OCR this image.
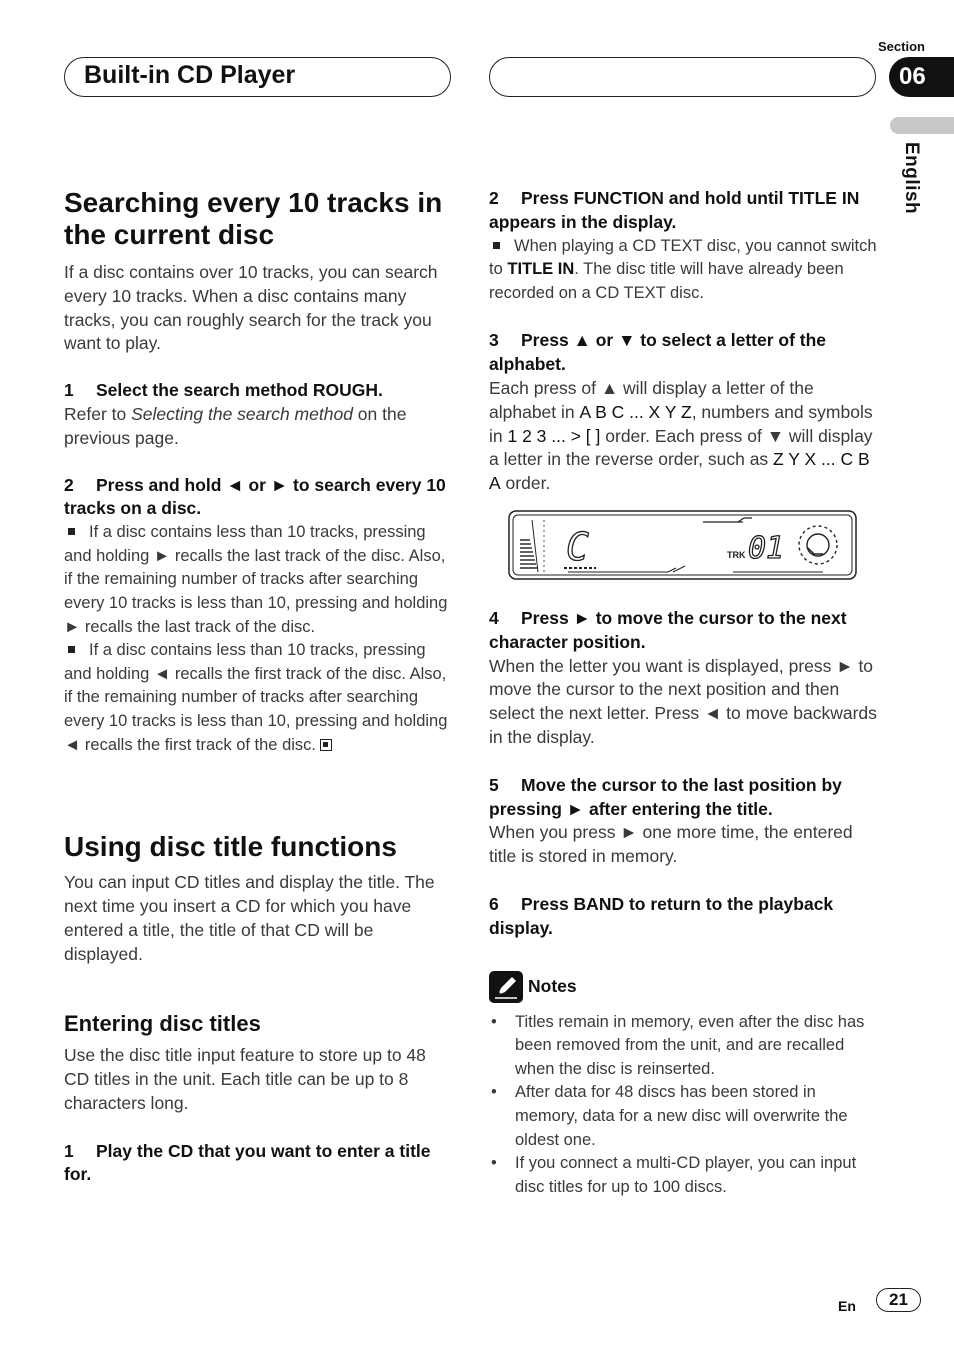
Built-in CD Player
Section
06
English
Searching every 10 tracks in the current disc

If a disc contains over 10 tracks, you can search every 10 tracks. When a disc contains many tracks, you can roughly search for the track you want to play.

1 Select the search method ROUGH.

Refer to Selecting the search method on the previous page.

2 Press and hold ◄ or ► to search every 10 tracks on a disc.

If a disc contains less than 10 tracks, pressing and holding ► recalls the last track of the disc. Also, if the remaining number of tracks after searching every 10 tracks is less than 10, pressing and holding ► recalls the last track of the disc.

If a disc contains less than 10 tracks, pressing and holding ◄ recalls the first track of the disc. Also, if the remaining number of tracks after searching every 10 tracks is less than 10, pressing and holding ◄ recalls the first track of the disc.

Using disc title functions

You can input CD titles and display the title. The next time you insert a CD for which you have entered a title, the title of that CD will be displayed.

Entering disc titles

Use the disc title input feature to store up to 48 CD titles in the unit. Each title can be up to 8 characters long.

1 Play the CD that you want to enter a title for.

2 Press FUNCTION and hold until TITLE IN appears in the display.

When playing a CD TEXT disc, you cannot switch to TITLE IN. The disc title will have already been recorded on a CD TEXT disc.

3 Press ▲ or ▼ to select a letter of the alphabet.

Each press of ▲ will display a letter of the alphabet in A B C ... X Y Z, numbers and symbols in 1 2 3 ... > [ ] order. Each press of ▼ will display a letter in the reverse order, such as Z Y X ... C B A order.

C	TRK 01

4 Press ► to move the cursor to the next character position.

When the letter you want is displayed, press ► to move the cursor to the next position and then select the next letter. Press ◄ to move backwards in the display.

5 Move the cursor to the last position by pressing ► after entering the title.

When you press ► one more time, the entered title is stored in memory.

6 Press BAND to return to the playback display.

Notes

• Titles remain in memory, even after the disc has been removed from the unit, and are recalled when the disc is reinserted.

• After data for 48 discs has been stored in memory, data for a new disc will overwrite the oldest one.

• If you connect a multi-CD player, you can input disc titles for up to 100 discs.

En	21
